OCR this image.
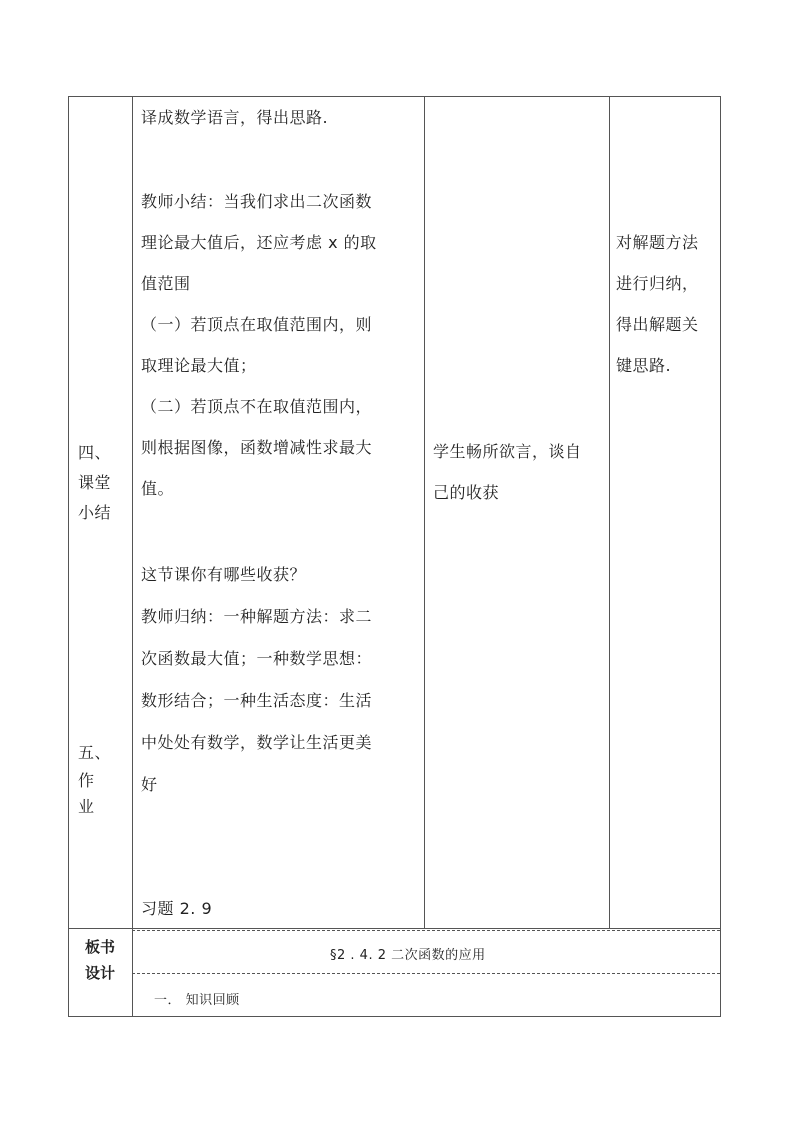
四、
课堂
小结
五、
作
业
译成数学语言，得出思路.
教师小结：当我们求出二次函数
理论最大值后，还应考虑 x 的取
值范围
（一）若顶点在取值范围内，则
取理论最大值；
（二）若顶点不在取值范围内，
则根据图像，函数增减性求最大
值。
这节课你有哪些收获？
教师归纳：一种解题方法：求二
次函数最大值；一种数学思想：
数形结合；一种生活态度：生活
中处处有数学，数学让生活更美
好
习题 2. 9
学生畅所欲言，谈自
己的收获
对解题方法
进行归纳，
得出解题关
键思路.
板书
设计
§2 . 4. 2 二次函数的应用
一． 知识回顾
